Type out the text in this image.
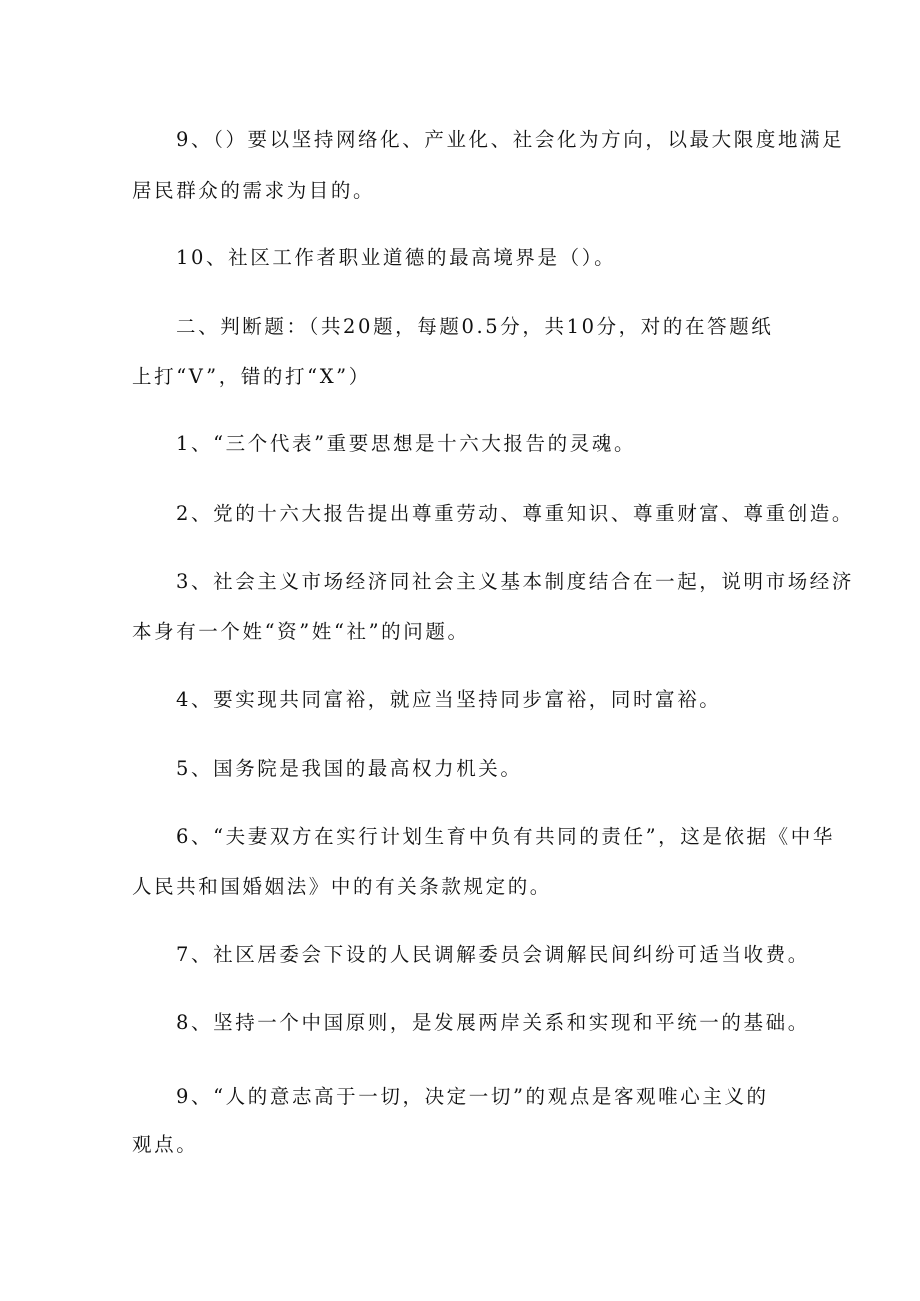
9、（）要以坚持网络化、产业化、社会化为方向，以最大限度地满足
居民群众的需求为目的。
10、社区工作者职业道德的最高境界是（）。
二、判断题：（共20题，每题0.5分，共10分，对的在答题纸
上打“V”，错的打“X”）
1、“三个代表”重要思想是十六大报告的灵魂。
2、党的十六大报告提出尊重劳动、尊重知识、尊重财富、尊重创造。
3、社会主义市场经济同社会主义基本制度结合在一起，说明市场经济
本身有一个姓“资”姓“社”的问题。
4、要实现共同富裕，就应当坚持同步富裕，同时富裕。
5、国务院是我国的最高权力机关。
6、“夫妻双方在实行计划生育中负有共同的责任”，这是依据《中华
人民共和国婚姻法》中的有关条款规定的。
7、社区居委会下设的人民调解委员会调解民间纠纷可适当收费。
8、坚持一个中国原则，是发展两岸关系和实现和平统一的基础。
9、“人的意志高于一切，决定一切”的观点是客观唯心主义的
观点。
